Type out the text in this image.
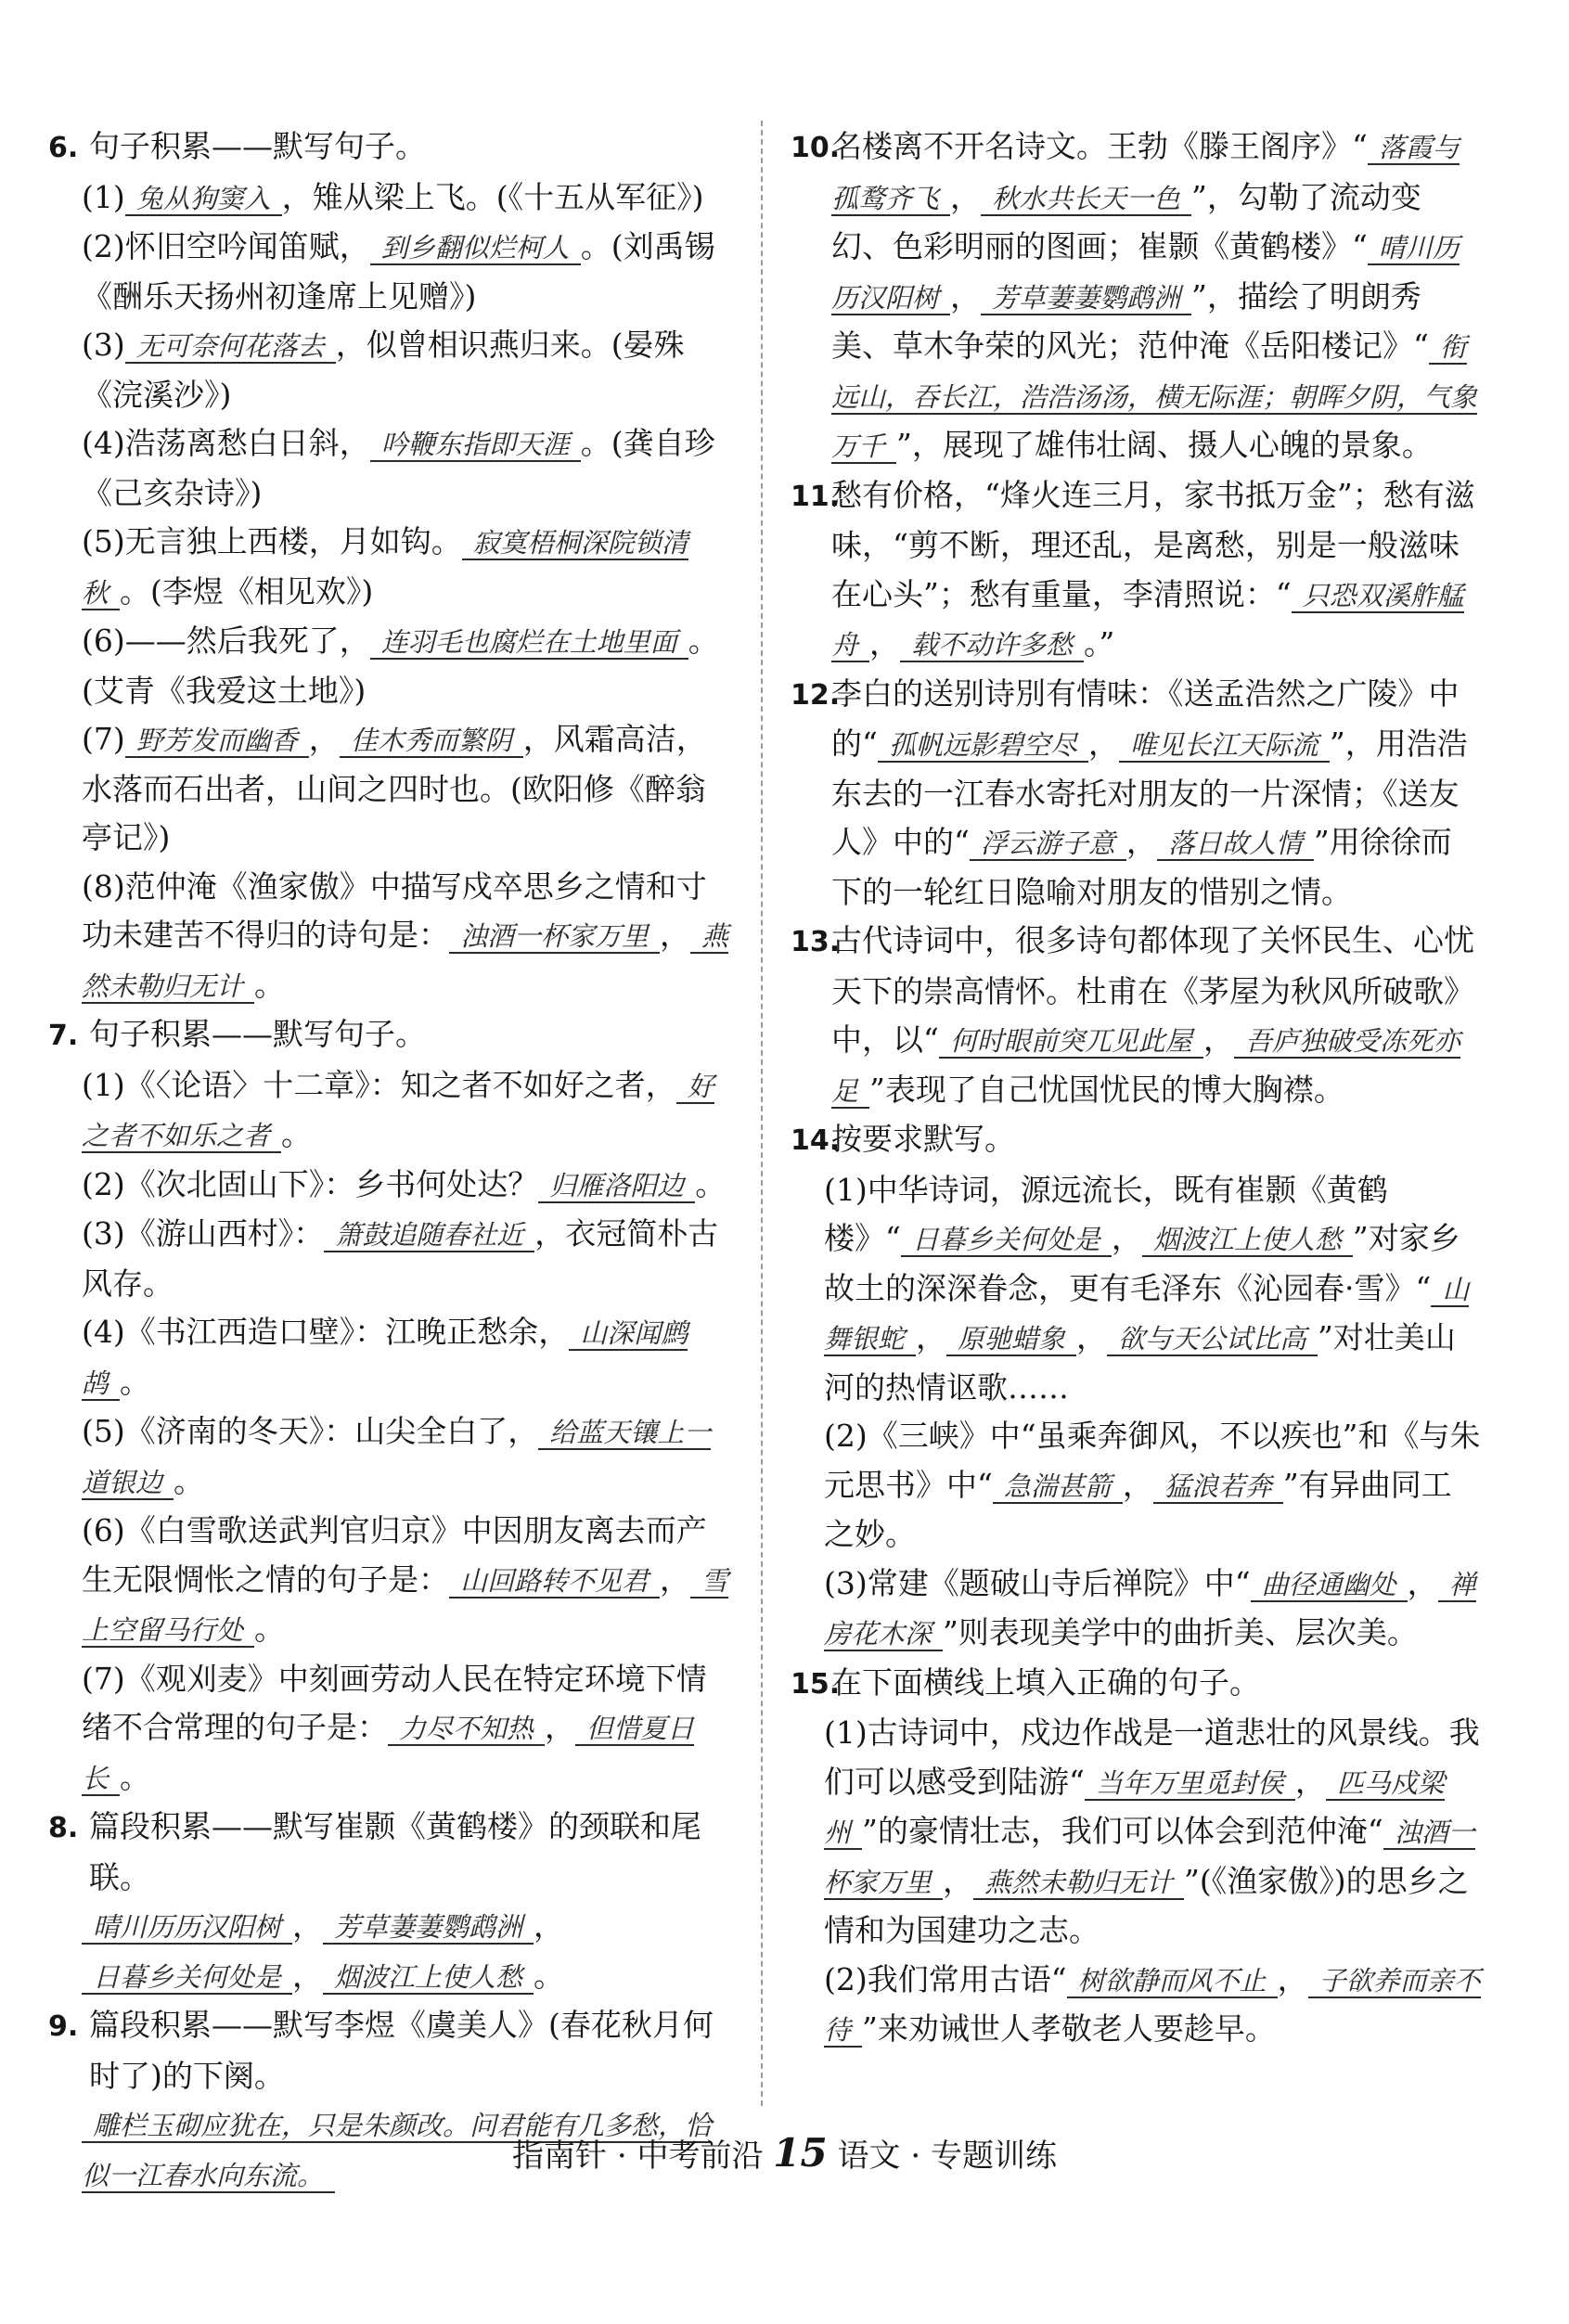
6. 句子积累——默写句子。

(1) 兔从狗窦入 ，雉从梁上飞。(《十五从军征》)

(2)怀旧空吟闻笛赋， 到乡翻似烂柯人 。(刘禹锡《酬乐天扬州初逢席上见赠》)

(3) 无可奈何花落去 ，似曾相识燕归来。(晏殊《浣溪沙》)

(4)浩荡离愁白日斜， 吟鞭东指即天涯 。(龚自珍《己亥杂诗》)

(5)无言独上西楼，月如钩。 寂寞梧桐深院锁清秋 。(李煜《相见欢》)

(6)——然后我死了， 连羽毛也腐烂在土地里面 。(艾青《我爱这土地》)

(7) 野芳发而幽香 ， 佳木秀而繁阴 ，风霜高洁，水落而石出者，山间之四时也。(欧阳修《醉翁亭记》)

(8)范仲淹《渔家傲》中描写戍卒思乡之情和寸功未建苦不得归的诗句是： 浊酒一杯家万里 ， 燕然未勒归无计 。

7. 句子积累——默写句子。

(1)《〈论语〉十二章》：知之者不如好之者， 好之者不如乐之者 。

(2)《次北固山下》：乡书何处达？ 归雁洛阳边 。

(3)《游山西村》： 箫鼓追随春社近 ，衣冠简朴古风存。

(4)《书江西造口壁》：江晚正愁余， 山深闻鹧鸪 。

(5)《济南的冬天》：山尖全白了， 给蓝天镶上一道银边 。

(6)《白雪歌送武判官归京》中因朋友离去而产生无限惆怅之情的句子是： 山回路转不见君 ， 雪上空留马行处 。

(7)《观刈麦》中刻画劳动人民在特定环境下情绪不合常理的句子是： 力尽不知热 ， 但惜夏日长 。

8. 篇段积累——默写崔颢《黄鹤楼》的颈联和尾联。

晴川历历汉阳树 ， 芳草萋萋鹦鹉洲 ，

日暮乡关何处是 ， 烟波江上使人愁 。

9. 篇段积累——默写李煜《虞美人》(春花秋月何时了)的下阕。

雕栏玉砌应犹在，只是朱颜改。问君能有几多愁，恰似一江春水向东流。

10.名楼离不开名诗文。王勃《滕王阁序》“ 落霞与孤鹜齐飞 ， 秋水共长天一色 ”，勾勒了流动变幻、色彩明丽的图画；崔颢《黄鹤楼》“ 晴川历历汉阳树 ， 芳草萋萋鹦鹉洲 ”，描绘了明朗秀美、草木争荣的风光；范仲淹《岳阳楼记》“ 衔远山，吞长江，浩浩汤汤，横无际涯；朝晖夕阴，气象万千 ”，展现了雄伟壮阔、摄人心魄的景象。

11.愁有价格，“烽火连三月，家书抵万金”；愁有滋味，“剪不断，理还乱，是离愁，别是一般滋味在心头”；愁有重量，李清照说：“ 只恐双溪舴艋舟 ， 载不动许多愁 。”

12.李白的送别诗別有情味：《送孟浩然之广陵》中的“ 孤帆远影碧空尽 ， 唯见长江天际流 ”，用浩浩东去的一江春水寄托对朋友的一片深情；《送友人》中的“ 浮云游子意 ， 落日故人情 ”用徐徐而下的一轮红日隐喻对朋友的惜别之情。

13.古代诗词中，很多诗句都体现了关怀民生、心忧天下的崇高情怀。杜甫在《茅屋为秋风所破歌》中，以“ 何时眼前突兀见此屋 ， 吾庐独破受冻死亦足 ”表现了自己忧国忧民的博大胸襟。

14.按要求默写。

(1)中华诗词，源远流长，既有崔颢《黄鹤楼》“ 日暮乡关何处是 ， 烟波江上使人愁 ”对家乡故土的深深眷念，更有毛泽东《沁园春·雪》“ 山舞银蛇 ， 原驰蜡象 ， 欲与天公试比高 ”对壮美山河的热情讴歌……

(2)《三峡》中“虽乘奔御风，不以疾也”和《与朱元思书》中“ 急湍甚箭 ， 猛浪若奔 ”有异曲同工之妙。

(3)常建《题破山寺后禅院》中“ 曲径通幽处 ， 禅房花木深 ”则表现美学中的曲折美、层次美。

15.在下面横线上填入正确的句子。

(1)古诗词中，戍边作战是一道悲壮的风景线。我们可以感受到陆游“ 当年万里觅封侯 ， 匹马戍梁州 ”的豪情壮志，我们可以体会到范仲淹“ 浊酒一杯家万里 ， 燕然未勒归无计 ”(《渔家傲》)的思乡之情和为国建功之志。

(2)我们常用古语“ 树欲静而风不止 ， 子欲养而亲不待 ”来劝诫世人孝敬老人要趁早。

指南针 · 中考前沿 15 语文 · 专题训练
